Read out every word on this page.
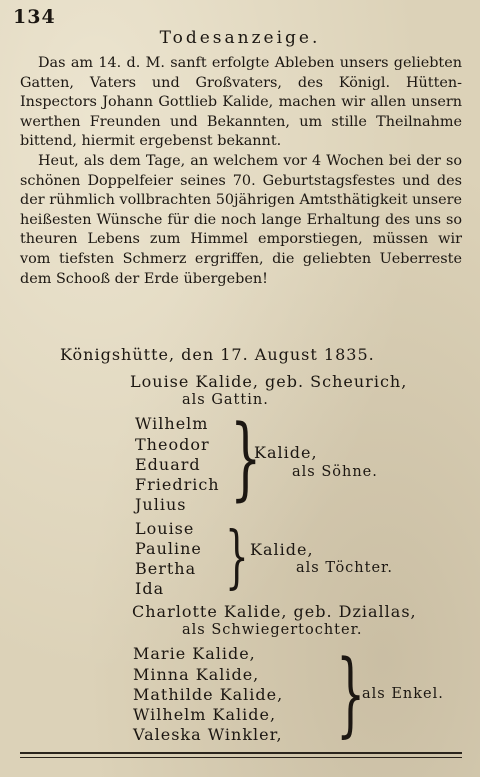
134
Todesanzeige.

Das am 14. d. M. sanft erfolgte Ableben unsers geliebten Gatten, Vaters und Großvaters, des Königl. Hütten-Inspectors Johann Gottlieb Kalide, machen wir allen unsern werthen Freunden und Bekannten, um stille Theilnahme bittend, hiermit ergebenst bekannt.

Heut, als dem Tage, an welchem vor 4 Wochen bei der so schönen Doppelfeier seines 70. Geburtstagsfestes und des der rühmlich vollbrachten 50jährigen Amtsthätigkeit unsere heißesten Wünsche für die noch lange Erhaltung des uns so theuren Lebens zum Himmel emporstiegen, müssen wir vom tiefsten Schmerz ergriffen, die geliebten Ueberreste dem Schooß der Erde übergeben!

Königshütte, den 17. August 1835.
Louise Kalide, geb. Scheurich,
als Gattin.
Wilhelm
Theodor
Eduard
Friedrich
Julius }
Kalide,
als Söhne.
Louise
Pauline
Bertha
Ida } Kalide,
als Töchter.
Charlotte Kalide, geb. Dziallas,
als Schwiegertochter.
Marie Kalide,
Minna Kalide,
Mathilde Kalide,
Wilhelm Kalide,
Valeska Winkler, }
als Enkel.
